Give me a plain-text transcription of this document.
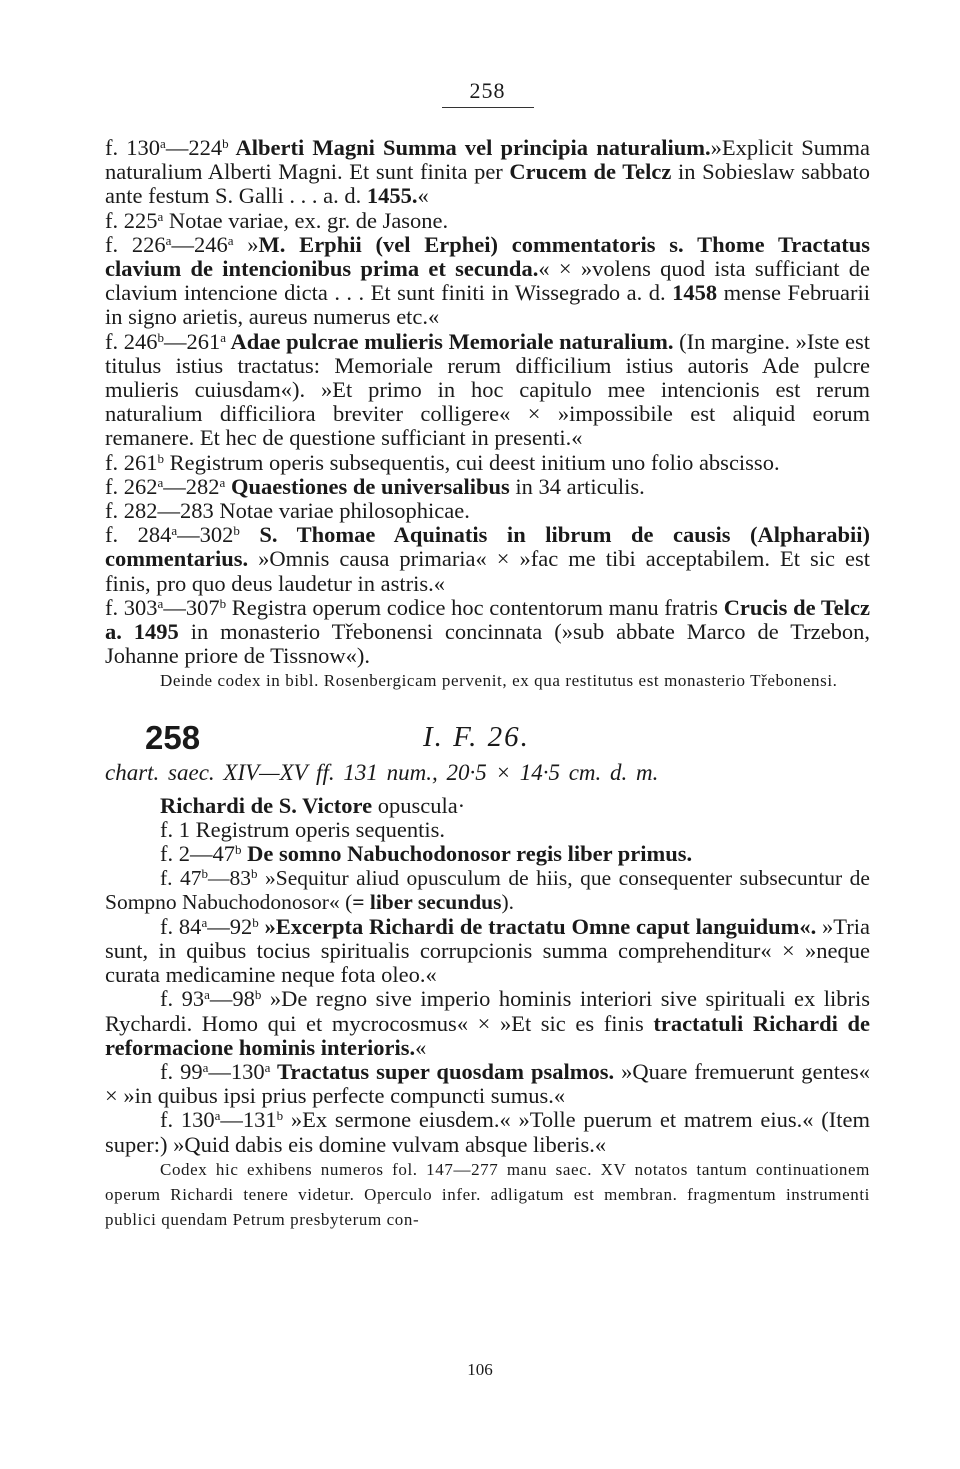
258

f. 130$^a$—224$^b$ Alberti Magni Summa vel principia naturalium.»Explicit Summa naturalium Alberti Magni. Et sunt finita per Crucem de Telcz in Sobieslaw sabbato ante festum S. Galli . . . a. d. 1455.«

f. 225$^a$ Notae variae, ex. gr. de Jasone.

f. 226$^a$—246$^a$ »M. Erphii (vel Erphei) commentatoris s. Thome Tractatus clavium de intencionibus prima et secunda.« × »volens quod ista sufficiant de clavium intencione dicta . . . Et sunt finiti in Wissegrado a. d. 1458 mense Februarii in signo arietis, aureus numerus etc.«

f. 246$^b$—261$^a$ Adae pulcrae mulieris Memoriale naturalium. (In margine. »Iste est titulus istius tractatus: Memoriale rerum difficilium istius autoris Ade pulcre mulieris cuiusdam«). »Et primo in hoc capitulo mee intencionis est rerum naturalium difficiliora breviter colligere« × »impossibile est aliquid eorum remanere. Et hec de questione sufficiant in presenti.«

f. 261$^b$ Registrum operis subsequentis, cui deest initium uno folio abscisso.

f. 262$^a$—282$^a$ Quaestiones de universalibus in 34 articulis.

f. 282—283 Notae variae philosophicae.

f. 284$^a$—302$^b$ S. Thomae Aquinatis in librum de causis (Alpharabii) commentarius. »Omnis causa primaria« × »fac me tibi acceptabilem. Et sic est finis, pro quo deus laudetur in astris.«

f. 303$^a$—307$^b$ Registra operum codice hoc contentorum manu fratris Crucis de Telcz a. 1495 in monasterio Třebonensi concinnata (»sub abbate Marco de Trzebon, Johanne priore de Tissnow«).

Deinde codex in bibl. Rosenbergicam pervenit, ex qua restitutus est monasterio Třebonensi.

258	I. F. 26.

chart. saec. XIV—XV ff. 131 num., 20·5 × 14·5 cm. d. m.

Richardi de S. Victore opuscula·

f. 1 Registrum operis sequentis.

f. 2—47$^b$ De somno Nabuchodonosor regis liber primus.

f. 47$^b$—83$^b$ »Sequitur aliud opusculum de hiis, que consequenter subsecuntur de Sompno Nabuchodonosor« (= liber secundus).

f. 84$^a$—92$^b$ »Excerpta Richardi de tractatu Omne caput languidum«. »Tria sunt, in quibus tocius spiritualis corrupcionis summa comprehenditur« × »neque curata medicamine neque fota oleo.«

f. 93$^a$—98$^b$ »De regno sive imperio hominis interiori sive spirituali ex libris Rychardi. Homo qui et mycrocosmus« × »Et sic es finis tractatuli Richardi de reformacione hominis interioris.«

f. 99$^a$—130$^a$ Tractatus super quosdam psalmos. »Quare fremuerunt gentes« × »in quibus ipsi prius perfecte compuncti sumus.«

f. 130$^a$—131$^b$ »Ex sermone eiusdem.« »Tolle puerum et matrem eius.« (Item super:) »Quid dabis eis domine vulvam absque liberis.«

Codex hic exhibens numeros fol. 147—277 manu saec. XV notatos tantum continuationem operum Richardi tenere videtur. Operculo infer. adligatum est membran. fragmentum instrumenti publici quendam Petrum presbyterum con-

106
